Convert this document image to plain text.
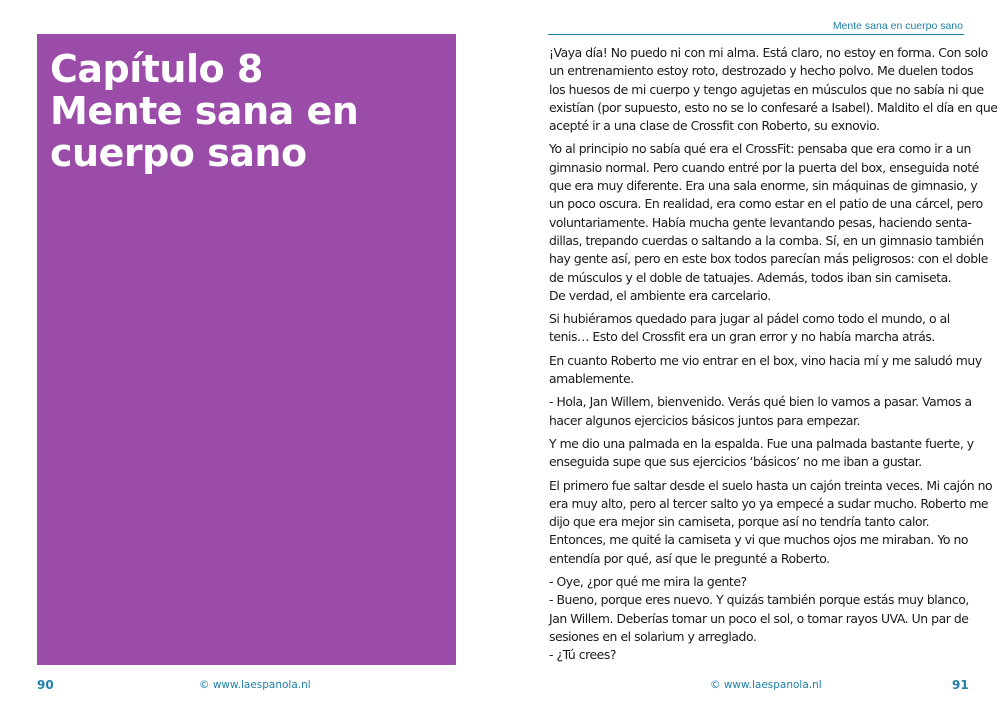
Capítulo 8
Mente sana en
cuerpo sano
90	© www.laespanola.nl
Mente sana en cuerpo sano
¡Vaya día! No puedo ni con mi alma. Está claro, no estoy en forma. Con solo
un entrenamiento estoy roto, destrozado y hecho polvo. Me duelen todos
los huesos de mi cuerpo y tengo agujetas en músculos que no sabía ni que
existían (por supuesto, esto no se lo confesaré a Isabel). Maldito el día en que
acepté ir a una clase de Crossfit con Roberto, su exnovio.
Yo al principio no sabía qué era el CrossFit: pensaba que era como ir a un
gimnasio normal. Pero cuando entré por la puerta del box, enseguida noté
que era muy diferente. Era una sala enorme, sin máquinas de gimnasio, y
un poco oscura. En realidad, era como estar en el patio de una cárcel, pero
voluntariamente. Había mucha gente levantando pesas, haciendo senta-
dillas, trepando cuerdas o saltando a la comba. Sí, en un gimnasio también
hay gente así, pero en este box todos parecían más peligrosos: con el doble
de músculos y el doble de tatuajes. Además, todos iban sin camiseta.
De verdad, el ambiente era carcelario.
Si hubiéramos quedado para jugar al pádel como todo el mundo, o al
tenis… Esto del Crossfit era un gran error y no había marcha atrás.
En cuanto Roberto me vio entrar en el box, vino hacia mí y me saludó muy
amablemente.
- Hola, Jan Willem, bienvenido. Verás qué bien lo vamos a pasar. Vamos a
hacer algunos ejercicios básicos juntos para empezar.
Y me dio una palmada en la espalda. Fue una palmada bastante fuerte, y
enseguida supe que sus ejercicios ‘básicos’ no me iban a gustar.
El primero fue saltar desde el suelo hasta un cajón treinta veces. Mi cajón no
era muy alto, pero al tercer salto yo ya empecé a sudar mucho. Roberto me
dijo que era mejor sin camiseta, porque así no tendría tanto calor.
Entonces, me quité la camiseta y vi que muchos ojos me miraban. Yo no
entendía por qué, así que le pregunté a Roberto.
- Oye, ¿por qué me mira la gente?
- Bueno, porque eres nuevo. Y quizás también porque estás muy blanco,
Jan Willem. Deberías tomar un poco el sol, o tomar rayos UVA. Un par de
sesiones en el solarium y arreglado.
- ¿Tú crees?
© www.laespanola.nl	91
